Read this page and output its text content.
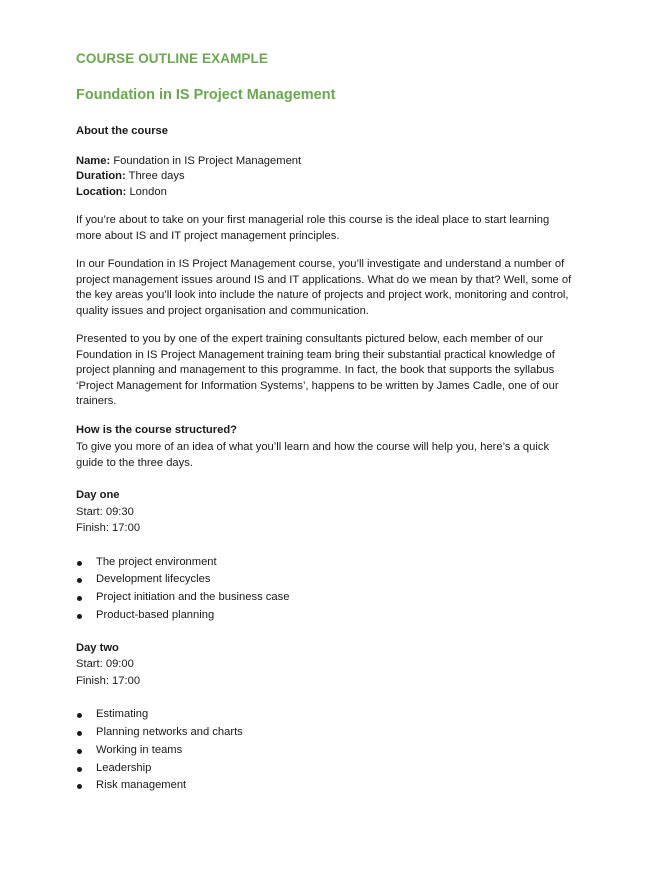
COURSE OUTLINE EXAMPLE
Foundation in IS Project Management

About the course

Name: Foundation in IS Project Management

Duration: Three days

Location: London

If you’re about to take on your first managerial role this course is the ideal place to start learning more about IS and IT project management principles.

In our Foundation in IS Project Management course, you’ll investigate and understand a number of project management issues around IS and IT applications. What do we mean by that? Well, some of the key areas you’ll look into include the nature of projects and project work, monitoring and control, quality issues and project organisation and communication.

Presented to you by one of the expert training consultants pictured below, each member of our Foundation in IS Project Management training team bring their substantial practical knowledge of project planning and management to this programme. In fact, the book that supports the syllabus ‘Project Management for Information Systems’, happens to be written by James Cadle, one of our trainers.

How is the course structured?

To give you more of an idea of what you’ll learn and how the course will help you, here’s a quick guide to the three days.

Day one

Start: 09:30

Finish: 17:00

The project environment
Development lifecycles
Project initiation and the business case
Product-based planning

Day two

Start: 09:00

Finish: 17:00

Estimating
Planning networks and charts
Working in teams
Leadership
Risk management
